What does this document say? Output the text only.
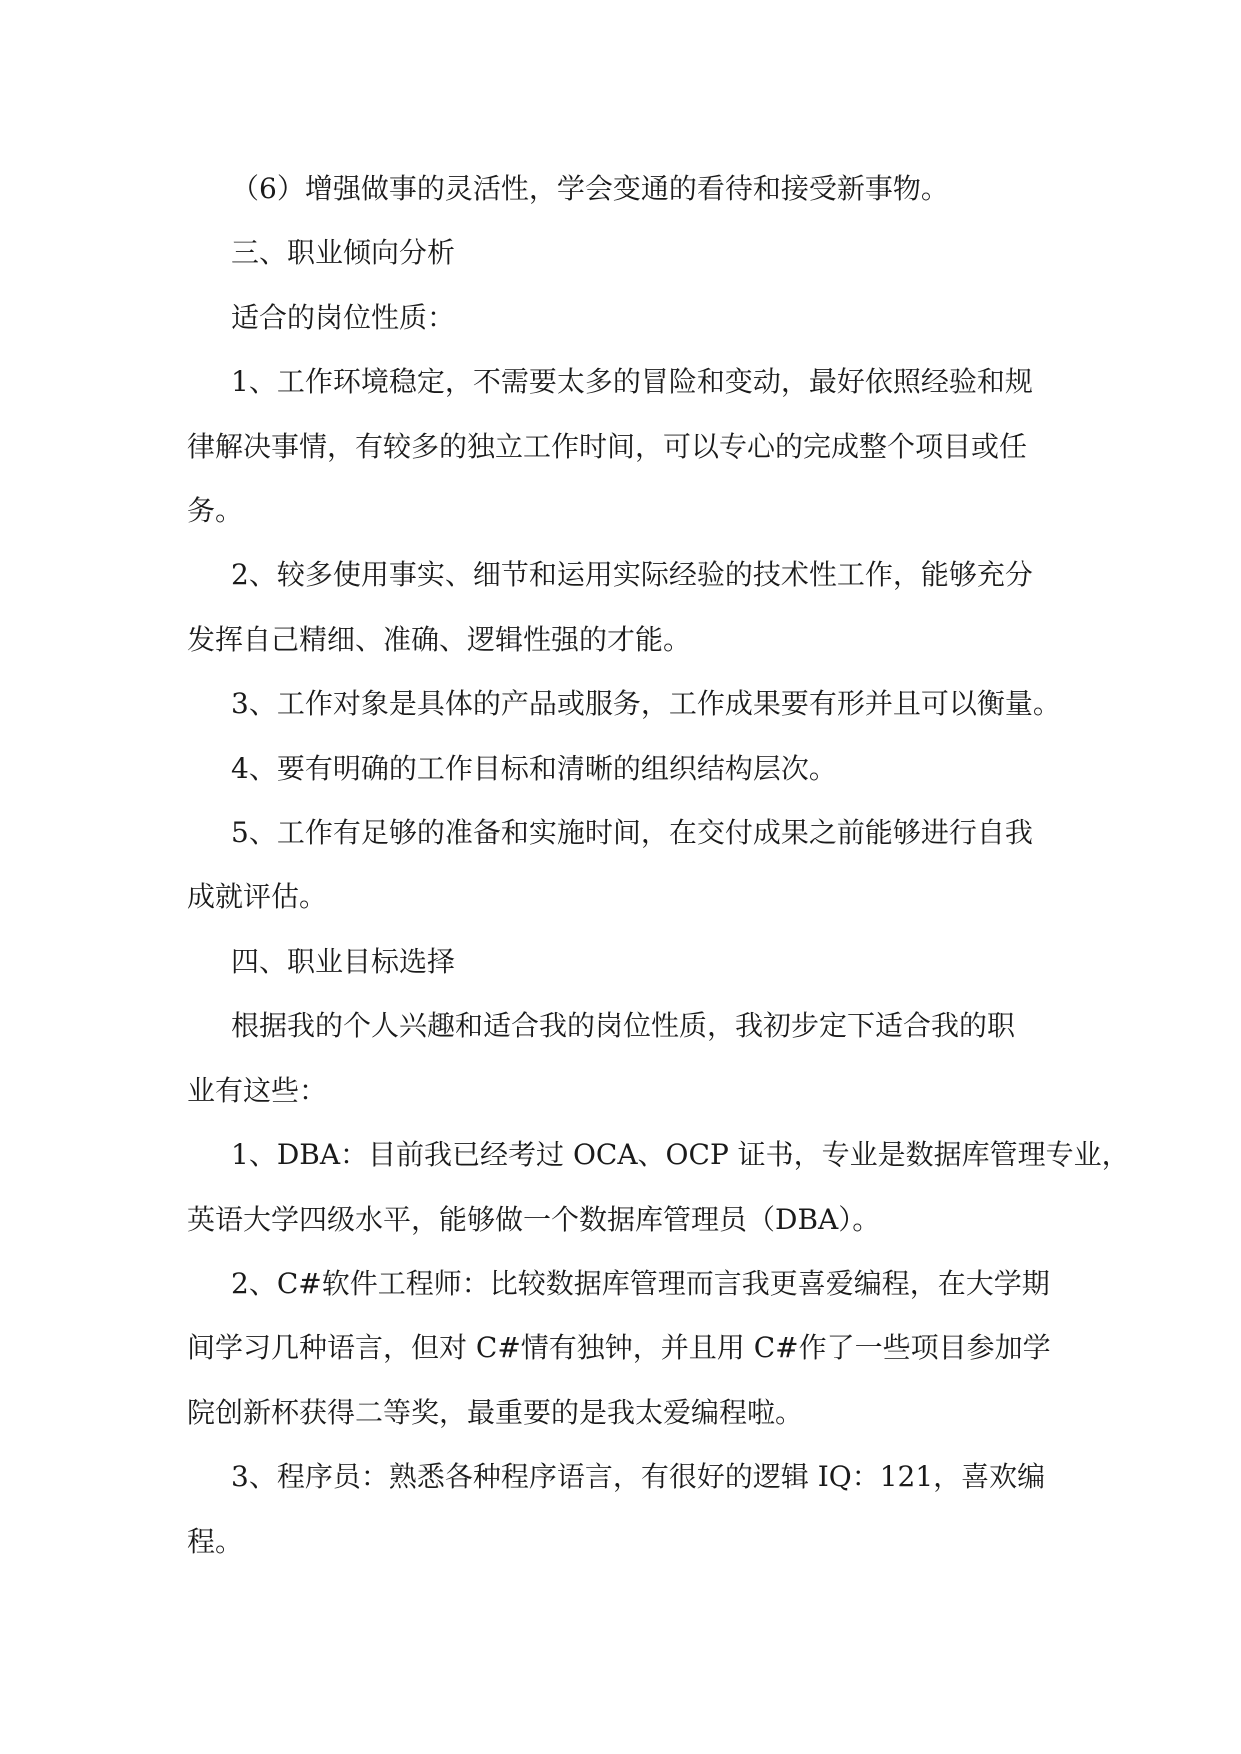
（6）增强做事的灵活性，学会变通的看待和接受新事物。

三、职业倾向分析

适合的岗位性质：

1、工作环境稳定，不需要太多的冒险和变动，最好依照经验和规
律解决事情，有较多的独立工作时间，可以专心的完成整个项目或任
务。

2、较多使用事实、细节和运用实际经验的技术性工作，能够充分
发挥自己精细、准确、逻辑性强的才能。

3、工作对象是具体的产品或服务，工作成果要有形并且可以衡量。

4、要有明确的工作目标和清晰的组织结构层次。

5、工作有足够的准备和实施时间，在交付成果之前能够进行自我
成就评估。

四、职业目标选择

根据我的个人兴趣和适合我的岗位性质，我初步定下适合我的职
业有这些：

1、DBA：目前我已经考过 OCA、OCP 证书，专业是数据库管理专业，
英语大学四级水平，能够做一个数据库管理员（DBA）。

2、C#软件工程师：比较数据库管理而言我更喜爱编程，在大学期
间学习几种语言，但对 C#情有独钟，并且用 C#作了一些项目参加学
院创新杯获得二等奖，最重要的是我太爱编程啦。

3、程序员：熟悉各种程序语言，有很好的逻辑 IQ：121，喜欢编
程。
